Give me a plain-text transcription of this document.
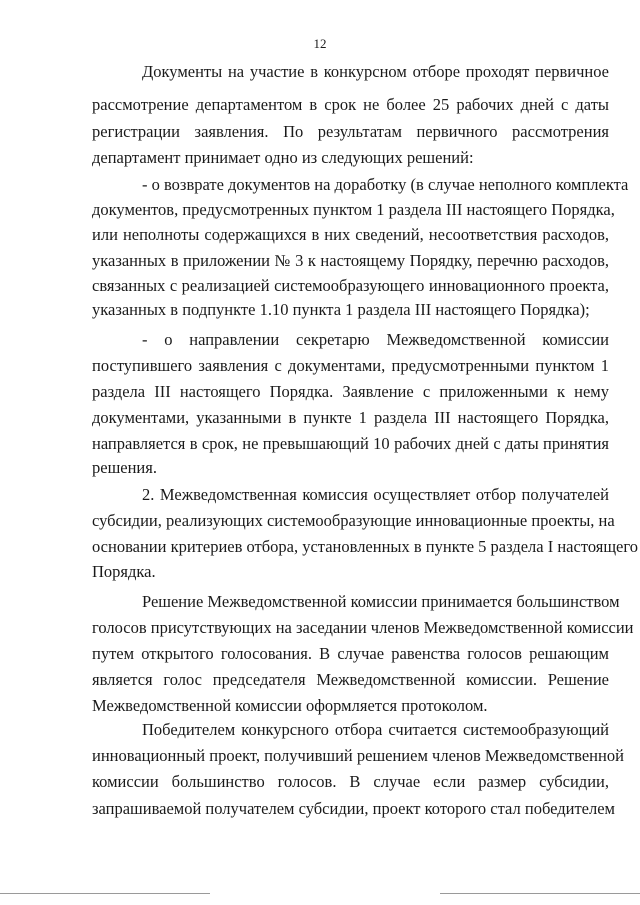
12
Документы на участие в конкурсном отборе проходят первичное
рассмотрение департаментом в срок не более 25 рабочих дней с даты
регистрации заявления. По результатам первичного рассмотрения
департамент принимает одно из следующих решений:
- о возврате документов на доработку (в случае неполного комплекта
документов, предусмотренных пунктом 1 раздела III настоящего Порядка,
или неполноты содержащихся в них сведений, несоответствия расходов,
указанных в приложении № 3 к настоящему Порядку, перечню расходов,
связанных с реализацией системообразующего инновационного проекта,
указанных в подпункте 1.10 пункта 1 раздела III настоящего Порядка);
- о направлении секретарю Межведомственной комиссии
поступившего заявления с документами, предусмотренными пунктом 1
раздела III настоящего Порядка. Заявление с приложенными к нему
документами, указанными в пункте 1 раздела III настоящего Порядка,
направляется в срок, не превышающий 10 рабочих дней с даты принятия
решения.
2. Межведомственная комиссия осуществляет отбор получателей
субсидии, реализующих системообразующие инновационные проекты, на
основании критериев отбора, установленных в пункте 5 раздела I настоящего
Порядка.
Решение Межведомственной комиссии принимается большинством
голосов присутствующих на заседании членов Межведомственной комиссии
путем открытого голосования. В случае равенства голосов решающим
является голос председателя Межведомственной комиссии. Решение
Межведомственной комиссии оформляется протоколом.
Победителем конкурсного отбора считается системообразующий
инновационный проект, получивший решением членов Межведомственной
комиссии большинство голосов. В случае если размер субсидии,
запрашиваемой получателем субсидии, проект которого стал победителем
